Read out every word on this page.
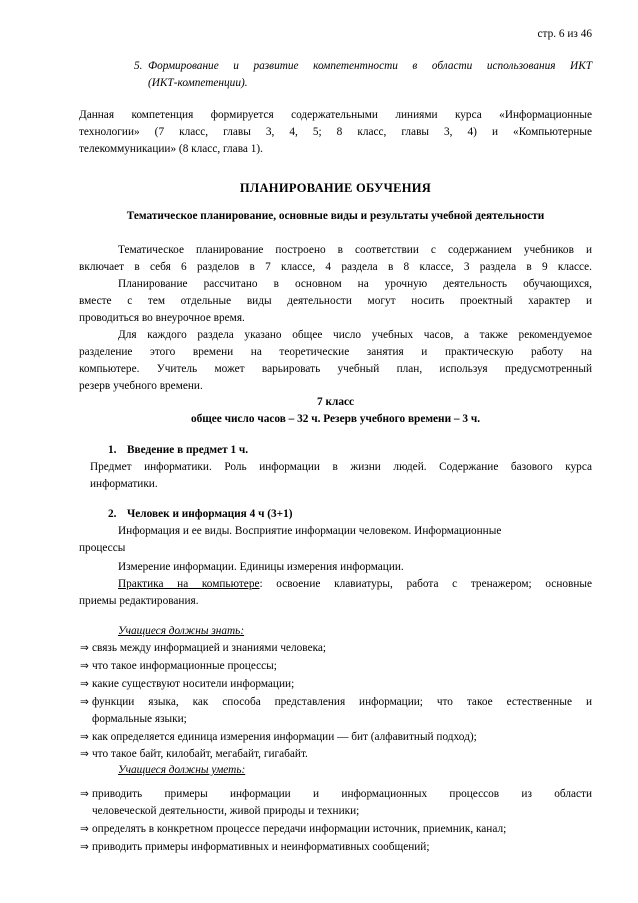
стр. 6 из 46
5. Формирование и развитие компетентности в области использования ИКТ
(ИКТ-компетенции).
Данная компетенция формируется содержательными линиями курса «Информационные
технологии» (7 класс, главы 3, 4, 5; 8 класс, главы 3, 4) и «Компьютерные
телекоммуникации» (8 класс, глава 1).
ПЛАНИРОВАНИЕ ОБУЧЕНИЯ
Тематическое планирование, основные виды и результаты учебной деятельности
Тематическое планирование построено в соответствии с содержанием учебников и
включает в себя 6 разделов в 7 классе, 4 раздела в 8 классе, 3 раздела в 9 классе.
Планирование рассчитано в основном на урочную деятельность обучающихся,
вместе с тем отдельные виды деятельности могут носить проектный характер и
проводиться во внеурочное время.
Для каждого раздела указано общее число учебных часов, а также рекомендуемое
разделение этого времени на теоретические занятия и практическую работу на
компьютере. Учитель может варьировать учебный план, используя предусмотренный
резерв учебного времени.
7 класс
общее число часов – 32 ч. Резерв учебного времени – 3 ч.
1. Введение в предмет 1 ч.
Предмет информатики. Роль информации в жизни людей. Содержание базового курса
информатики.
2. Человек и информация 4 ч (3+1)
Информация и ее виды. Восприятие информации человеком. Информационные
процессы
Измерение информации. Единицы измерения информации.
Практика на компьютере: освоение клавиатуры, работа с тренажером; основные
приемы редактирования.
Учащиеся должны знать:
⇒ связь между информацией и знаниями человека;
⇒ что такое информационные процессы;
⇒ какие существуют носители информации;
⇒ функции языка, как способа представления информации; что такое естественные и
формальные языки;
⇒ как определяется единица измерения информации — бит (алфавитный подход);
⇒ что такое байт, килобайт, мегабайт, гигабайт.
Учащиеся должны уметь:
⇒ приводить примеры информации и информационных процессов из области
человеческой деятельности, живой природы и техники;
⇒ определять в конкретном процессе передачи информации источник, приемник, канал;
⇒ приводить примеры информативных и неинформативных сообщений;
